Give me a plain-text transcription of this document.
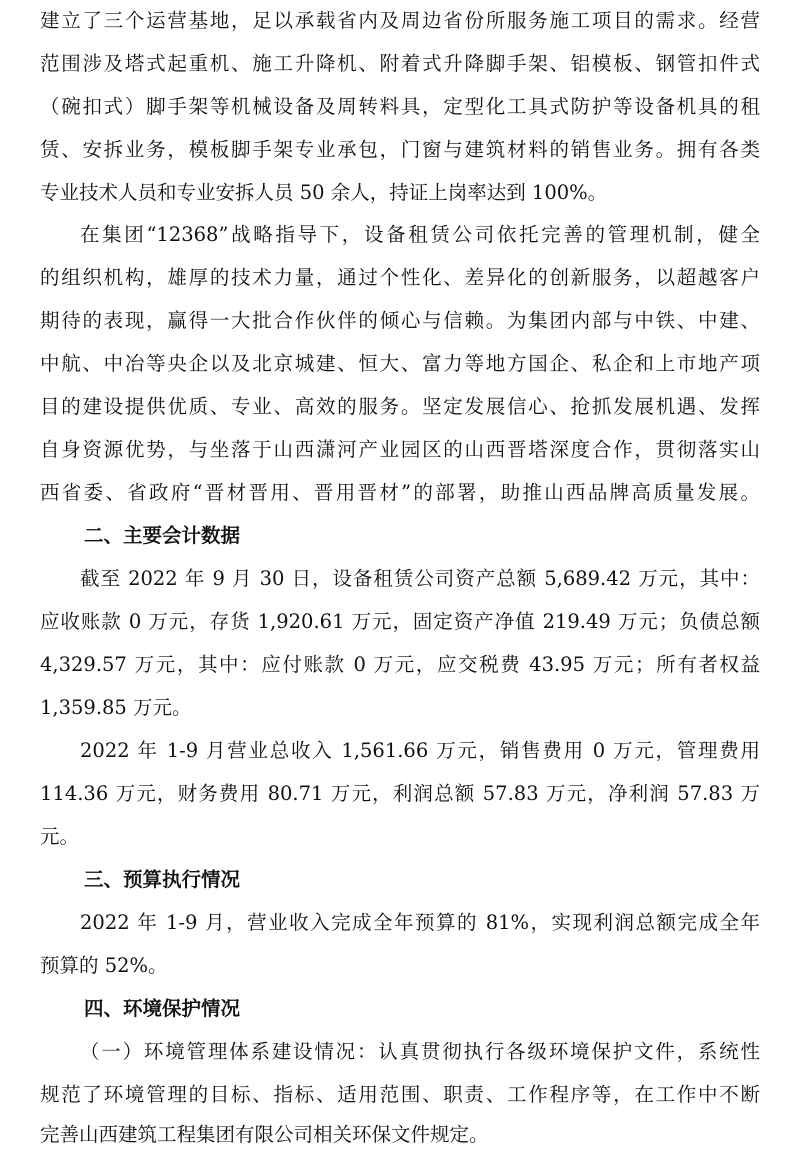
建立了三个运营基地，足以承载省内及周边省份所服务施工项目的需求。经营
范围涉及塔式起重机、施工升降机、附着式升降脚手架、铝模板、钢管扣件式
（碗扣式）脚手架等机械设备及周转料具，定型化工具式防护等设备机具的租
赁、安拆业务，模板脚手架专业承包，门窗与建筑材料的销售业务。拥有各类
专业技术人员和专业安拆人员 50 余人，持证上岗率达到 100%。
在集团“12368”战略指导下，设备租赁公司依托完善的管理机制，健全
的组织机构，雄厚的技术力量，通过个性化、差异化的创新服务，以超越客户
期待的表现，赢得一大批合作伙伴的倾心与信赖。为集团内部与中铁、中建、
中航、中冶等央企以及北京城建、恒大、富力等地方国企、私企和上市地产项
目的建设提供优质、专业、高效的服务。坚定发展信心、抢抓发展机遇、发挥
自身资源优势，与坐落于山西潇河产业园区的山西晋塔深度合作，贯彻落实山
西省委、省政府“晋材晋用、晋用晋材”的部署，助推山西品牌高质量发展。
二、主要会计数据
截至 2022 年 9 月 30 日，设备租赁公司资产总额 5,689.42 万元，其中：
应收账款 0 万元，存货 1,920.61 万元，固定资产净值 219.49 万元；负债总额
4,329.57 万元，其中：应付账款 0 万元，应交税费 43.95 万元；所有者权益
1,359.85 万元。
2022 年 1-9 月营业总收入 1,561.66 万元，销售费用 0 万元，管理费用
114.36 万元，财务费用 80.71 万元，利润总额 57.83 万元，净利润 57.83 万
元。
三、预算执行情况
2022 年 1-9 月，营业收入完成全年预算的 81%，实现利润总额完成全年
预算的 52%。
四、环境保护情况
（一）环境管理体系建设情况：认真贯彻执行各级环境保护文件，系统性
规范了环境管理的目标、指标、适用范围、职责、工作程序等，在工作中不断
完善山西建筑工程集团有限公司相关环保文件规定。
